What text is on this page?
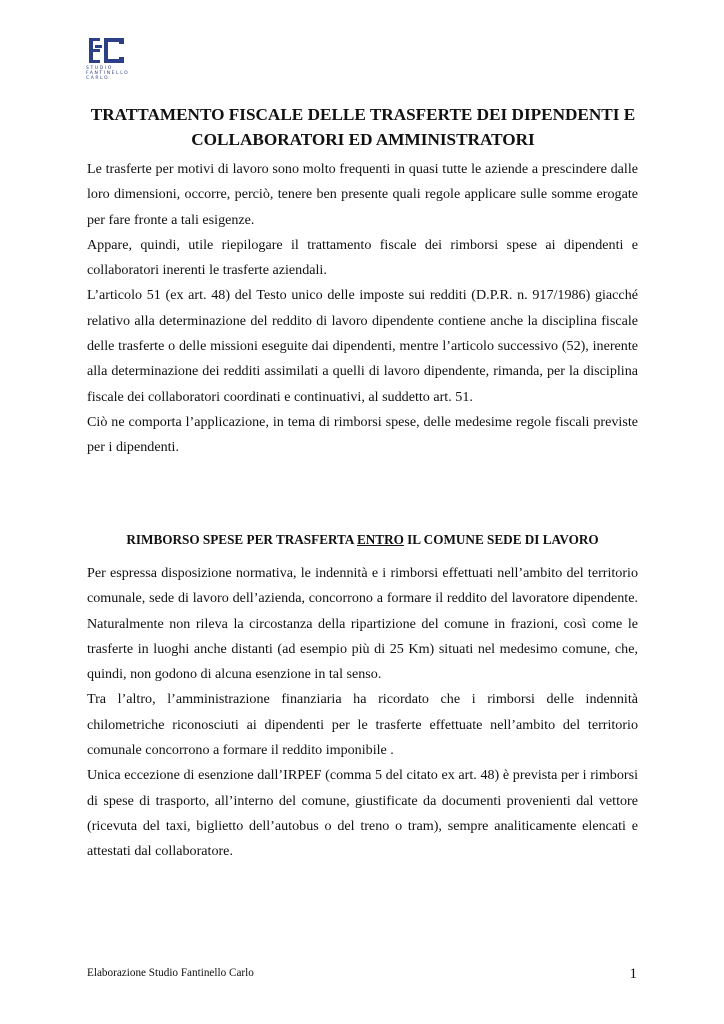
STUDIO FANTINELLO CARLO
TRATTAMENTO FISCALE DELLE TRASFERTE DEI DIPENDENTI E
COLLABORATORI ED AMMINISTRATORI

Le trasferte per motivi di lavoro sono molto frequenti in quasi tutte le aziende a prescindere dalle loro dimensioni, occorre, perciò, tenere ben presente quali regole applicare sulle somme erogate per fare fronte a tali esigenze.

Appare, quindi, utile riepilogare il trattamento fiscale dei rimborsi spese ai dipendenti e collaboratori inerenti le trasferte aziendali.

L’articolo 51 (ex art. 48) del Testo unico delle imposte sui redditi (D.P.R. n. 917/1986) giacché relativo alla determinazione del reddito di lavoro dipendente contiene anche la disciplina fiscale delle trasferte o delle missioni eseguite dai dipendenti, mentre l’articolo successivo (52), inerente alla determinazione dei redditi assimilati a quelli di lavoro dipendente, rimanda, per la disciplina fiscale dei collaboratori coordinati e continuativi, al suddetto art. 51.

Ciò ne comporta l’applicazione, in tema di rimborsi spese, delle medesime regole fiscali previste per i dipendenti.

RIMBORSO SPESE PER TRASFERTA ENTRO IL COMUNE SEDE DI LAVORO

Per espressa disposizione normativa, le indennità e i rimborsi effettuati nell’ambito del territorio comunale, sede di lavoro dell’azienda, concorrono a formare il reddito del lavoratore dipendente. Naturalmente non rileva la circostanza della ripartizione del comune in frazioni, così come le trasferte in luoghi anche distanti (ad esempio più di 25 Km) situati nel medesimo comune, che, quindi, non godono di alcuna esenzione in tal senso.

Tra l’altro, l’amministrazione finanziaria ha ricordato che i rimborsi delle indennità chilometriche riconosciuti ai dipendenti per le trasferte effettuate nell’ambito del territorio comunale concorrono a formare il reddito imponibile .

Unica eccezione di esenzione dall’IRPEF (comma 5 del citato ex art. 48) è prevista per i rimborsi di spese di trasporto, all’interno del comune, giustificate da documenti provenienti dal vettore (ricevuta del taxi, biglietto dell’autobus o del treno o tram), sempre analiticamente elencati e attestati dal collaboratore.

Elaborazione Studio Fantinello Carlo	1
